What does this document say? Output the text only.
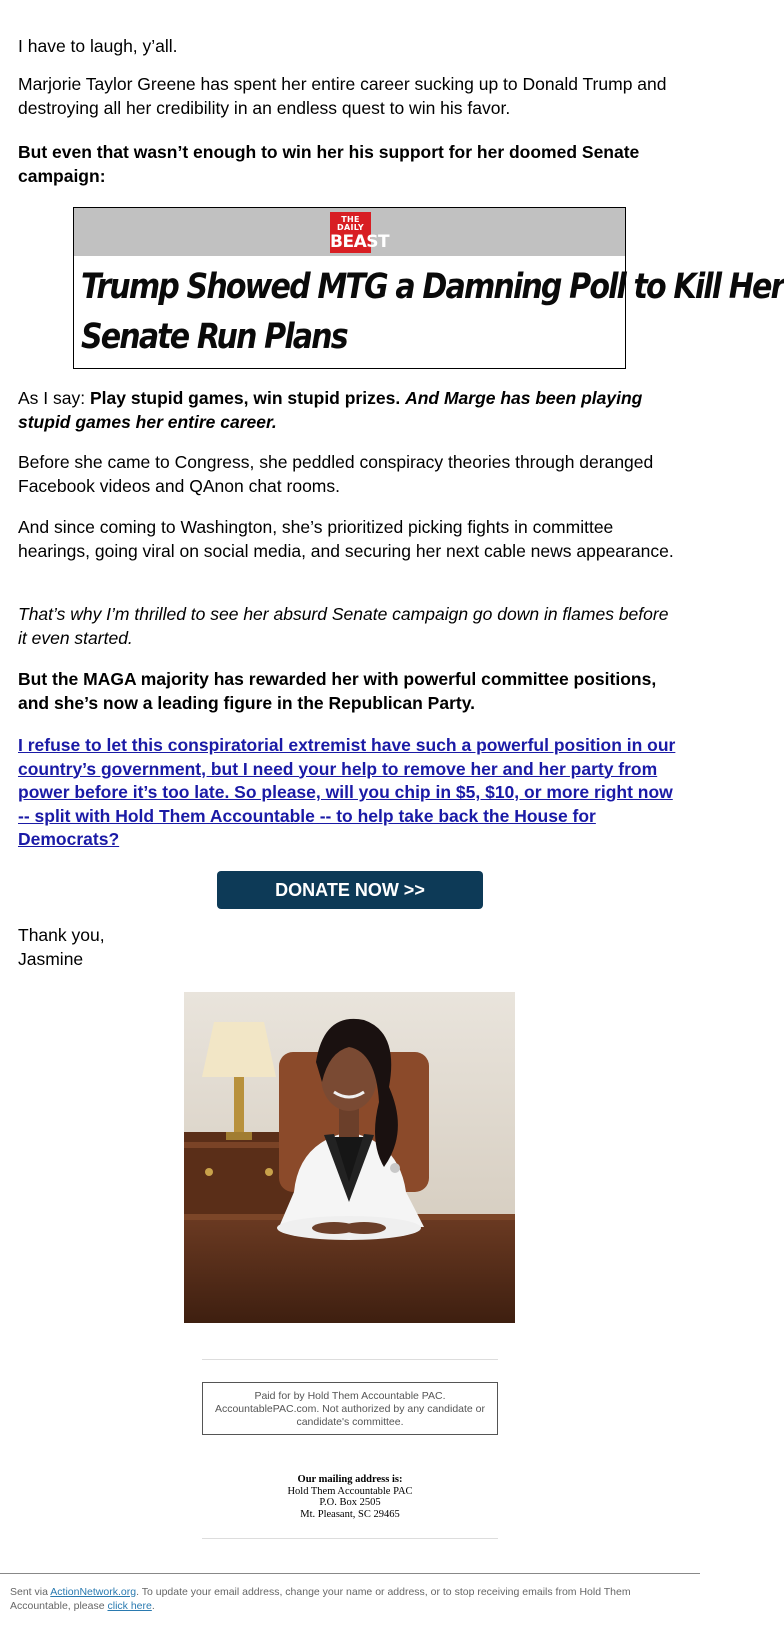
I have to laugh, y’all.

Marjorie Taylor Greene has spent her entire career sucking up to Donald Trump and destroying all her credibility in an endless quest to win his favor.

But even that wasn’t enough to win her his support for her doomed Senate campaign:

As I say: Play stupid games, win stupid prizes. And Marge has been playing stupid games her entire career.

Before she came to Congress, she peddled conspiracy theories through deranged Facebook videos and QAnon chat rooms.

And since coming to Washington, she’s prioritized picking fights in committee hearings, going viral on social media, and securing her next cable news appearance.

That’s why I’m thrilled to see her absurd Senate campaign go down in flames before it even started.

But the MAGA majority has rewarded her with powerful committee positions, and she’s now a leading figure in the Republican Party.

I refuse to let this conspiratorial extremist have such a powerful position in our country’s government, but I need your help to remove her and her party from power before it’s too late. So please, will you chip in $5, $10, or more right now -- split with Hold Them Accountable -- to help take back the House for Democrats?

Thank you,
Jasmine

THE DAILY
BEAST
Trump Showed MTG a Damning Poll to Kill Her
Senate Run Plans
DONATE NOW >>
Paid for by Hold Them Accountable PAC. AccountablePAC.com. Not authorized by any candidate or candidate's committee.
Our mailing address is:
Hold Them Accountable PAC
P.O. Box 2505
Mt. Pleasant, SC 29465
Sent via ActionNetwork.org. To update your email address, change your name or address, or to stop receiving emails from Hold Them Accountable, please click here.
